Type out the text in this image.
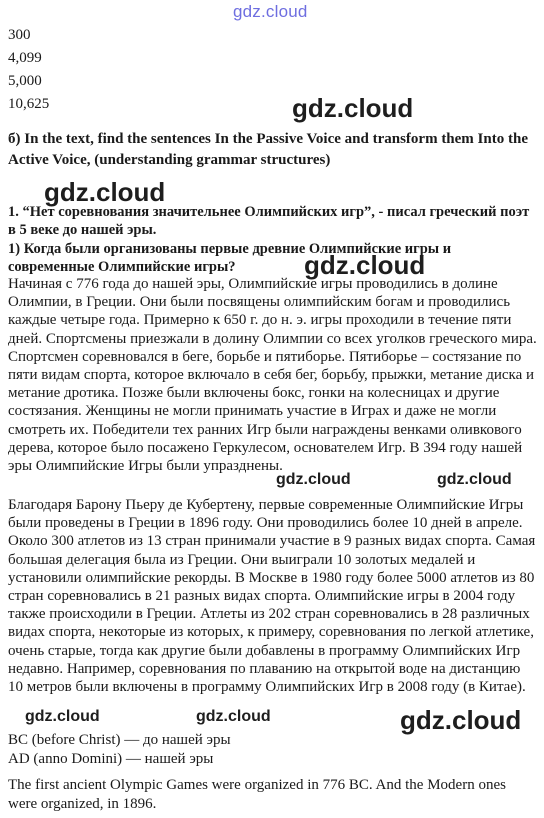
gdz.cloud
300
4,099
5,000
10,625
б) In the text, find the sentences In the Passive Voice and transform them Into the Active Voice, (understanding grammar structures)
1. “Нет соревнования значительнее Олимпийских игр”, - писал греческий поэт в 5 веке до нашей эры.
1) Когда были организованы первые древние Олимпийские игры и современные Олимпийские игры?
Начиная с 776 года до нашей эры, Олимпийские игры проводились в долине Олимпии, в Греции. Они были посвящены олимпийским богам и проводились каждые четыре года. Примерно к 650 г. до н. э. игры проходили в течение пяти дней. Спортсмены приезжали в долину Олимпии со всех уголков греческого мира. Спортсмен соревновался в беге, борьбе и пятиборье. Пятиборье – состязание по пяти видам спорта, которое включало в себя бег, борьбу, прыжки, метание диска и метание дротика. Позже были включены бокс, гонки на колесницах и другие состязания. Женщины не могли принимать участие в Играх и даже не могли смотреть их. Победители тех ранних Игр были награждены венками оливкового дерева, которое было посажено Геркулесом, основателем Игр. В 394 году нашей эры Олимпийские Игры были упразднены.
Благодаря Барону Пьеру де Кубертену, первые современные Олимпийские Игры были проведены в Греции в 1896 году. Они проводились более 10 дней в апреле. Около 300 атлетов из 13 стран принимали участие в 9 разных видах спорта. Самая большая делегация была из Греции. Они выиграли 10 золотых медалей и установили олимпийские рекорды. В Москве в 1980 году более 5000 атлетов из 80 стран соревновались в 21 разных видах спорта. Олимпийские игры в 2004 году также происходили в Греции. Атлеты из 202 стран соревновались в 28 различных видах спорта, некоторые из которых, к примеру, соревнования по легкой атлетике, очень старые, тогда как другие были добавлены в программу Олимпийских Игр недавно. Например, соревнования по плаванию на открытой воде на дистанцию 10 метров были включены в программу Олимпийских Игр в 2008 году (в Китае).
BC (before Christ) — до нашей эры
AD (anno Domini) — нашей эры
The first ancient Olympic Games were organized in 776 BC. And the Modern ones were organized, in 1896.
gdz.cloud
gdz.cloud
gdz.cloud
gdz.cloud	gdz.cloud
gdz.cloud	gdz.cloud	gdz.cloud
